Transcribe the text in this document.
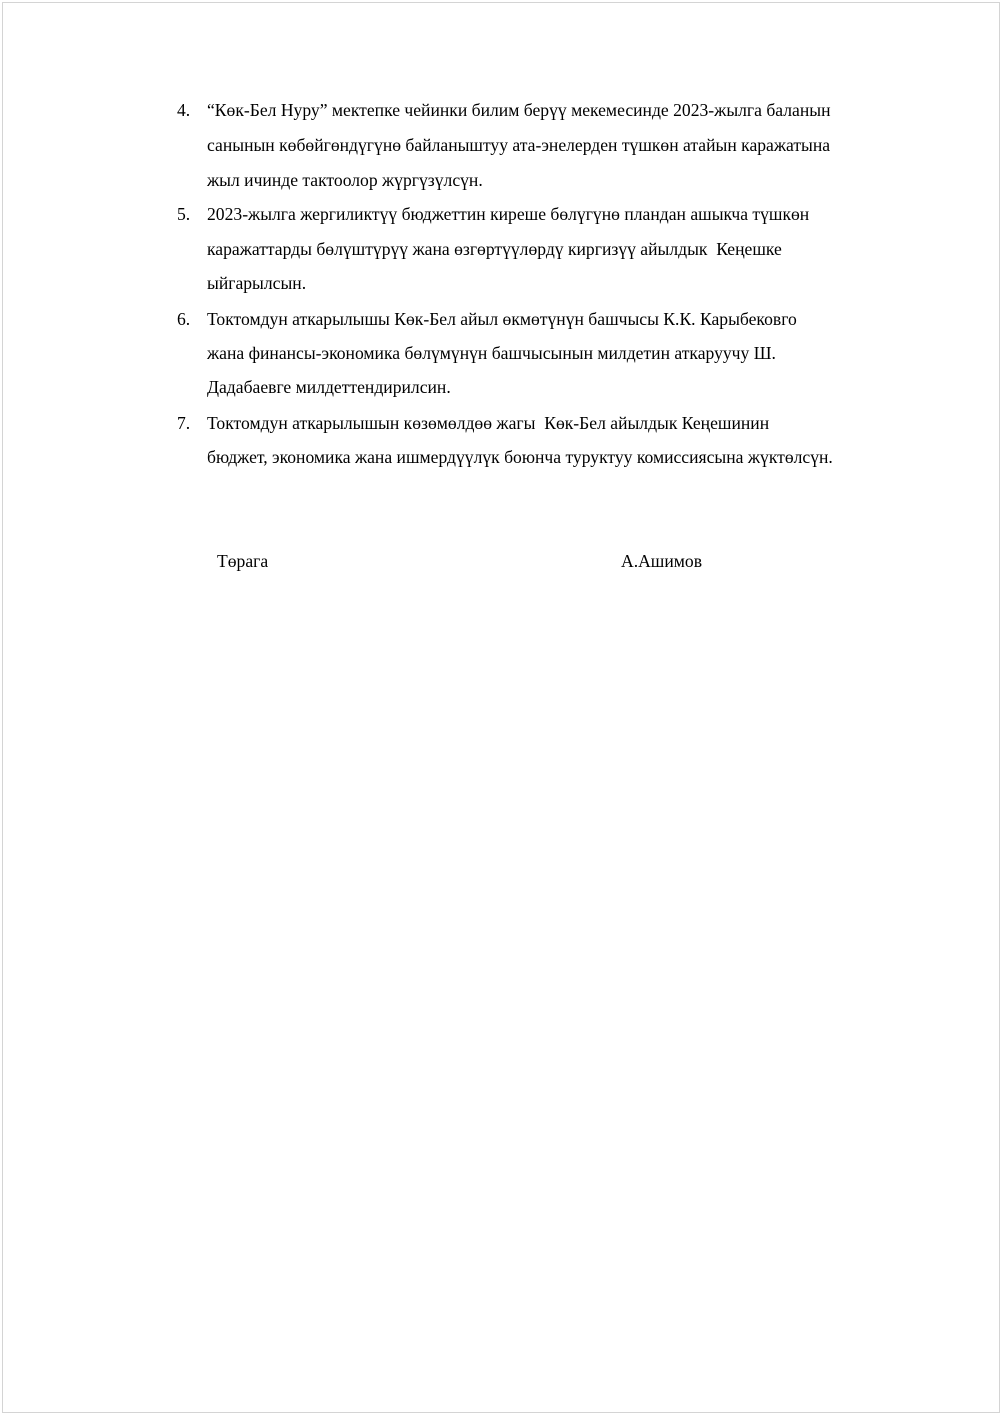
4. “Көк-Бел Нуру” мектепке чейинки билим берүү мекемесинде 2023-жылга баланын
санынын көбөйгөндүгүнө байланыштуу ата-энелерден түшкөн атайын каражатына
жыл ичинде тактоолор жүргүзүлсүн.
5. 2023-жылга жергиликтүү бюджеттин киреше бөлүгүнө пландан ашыкча түшкөн
каражаттарды бөлүштүрүү жана өзгөртүүлөрдү киргизүү айылдык  Кеңешке
ыйгарылсын.
6. Токтомдун аткарылышы Көк-Бел айыл өкмөтүнүн башчысы К.К. Карыбековго
жана финансы-экономика бөлүмүнүн башчысынын милдетин аткаруучу Ш.
Дадабаевге милдеттендирилсин.
7. Токтомдун аткарылышын көзөмөлдөө жагы  Көк-Бел айылдык Кеңешинин
бюджет, экономика жана ишмердүүлүк боюнча туруктуу комиссиясына жүктөлсүн.
Төрага	А.Ашимов
